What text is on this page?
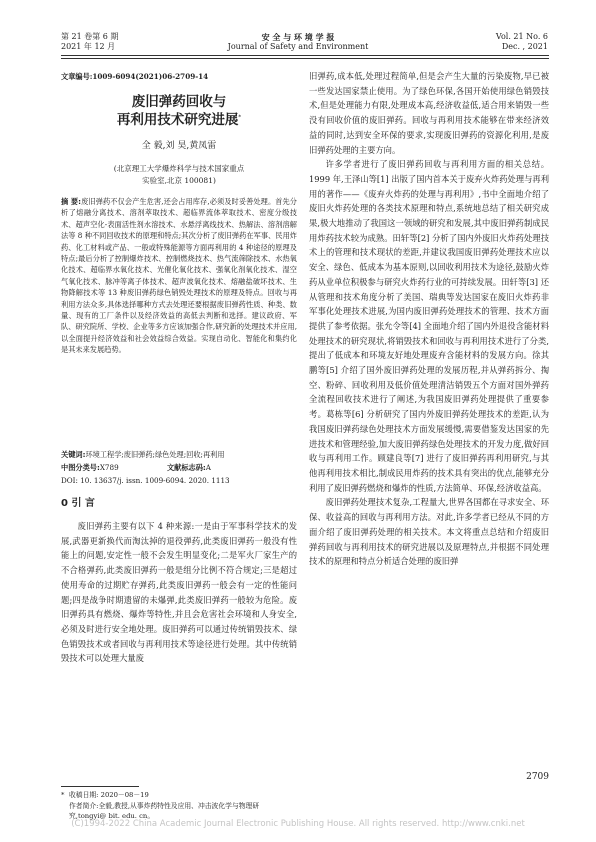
第 21 卷第 6 期
2021 年 12 月
安 全 与 环 境 学 报
Journal of Safety and Environment
Vol. 21 No. 6
Dec. , 2021
文章编号:1009-6094(2021)06-2709-14
废旧弹药回收与
再利用技术研究进展*
全 毅,刘 昊,黄凤雷
(北京理工大学爆炸科学与技术国家重点
实验室,北京 100081)
摘 要:废旧弹药不仅会产生危害,还会占用库存,必须及时妥善处理。首先分析了熔融分离技术、溶剂萃取技术、超临界流体萃取技术、密度分级技术、超声空化-表面活性剂水溶技术、水悬浮离线技术、热解法、溶剂溶解法等 8 种不同回收技术的原理和特点;其次分析了废旧弹药在军事、民用炸药、化工材料或产品、一般或特殊能源等方面再利用的 4 种途径的原理及特点;最后分析了控制爆炸技术、控制燃烧技术、热气流筛除技术、水热氧化技术、超临界水氧化技术、光催化氧化技术、强氧化剂氧化技术、湿空气氧化技术、脉冲等离子体技术、超声波氧化技术、熔融盐破坏技术、生物降解技术等 13 种废旧弹药绿色销毁处理技术的原理及特点。回收与再利用方法众多,具体选择哪种方式去处理还要根据废旧弹药性质、种类、数量、现有的工厂条件以及经济效益的高低去判断和选择。建议政府、军队、研究院所、学校、企业等多方应该加强合作,研究新的处理技术并应用,以全面提升经济效益和社会效益综合效益。实现自动化、智能化和集约化是其未来发展趋势。
关键词:环境工程学;废旧弹药;绿色处理;回收;再利用
中图分类号:X789	文献标志码:A
DOI: 10. 13637/j. issn. 1009-6094. 2020. 1113
0 引 言

废旧弹药主要有以下 4 种来源:一是由于军事科学技术的发展,武器更新换代而淘汰掉的退役弹药,此类废旧弹药一般没有性能上的问题,安定性一般不会发生明显变化;二是军火厂家生产的不合格弹药,此类废旧弹药一般是组分比例不符合规定;三是超过使用寿命的过期贮存弹药,此类废旧弹药一般会有一定的性能问题;四是战争时期遗留的未爆弹,此类废旧弹药一般较为危险。废旧弹药具有燃烧、爆炸等特性,并且会危害社会环境和人身安全,必须及时进行安全地处理。废旧弹药可以通过传统销毁技术、绿色销毁技术或者回收与再利用技术等途径进行处理。其中传统销毁技术可以处理大量废

* 收稿日期: 2020－08－19
作者简介:全毅,教授,从事炸药特性及应用、冲击波化学与物理研究,tongyi@ bit. edu. cn。

旧弹药,成本低,处理过程简单,但是会产生大量的污染废物,早已被一些发达国家禁止使用。为了绿色环保,各国开始使用绿色销毁技术,但是处理能力有限,处理成本高,经济收益低,适合用来销毁一些没有回收价值的废旧弹药。回收与再利用技术能够在带来经济效益的同时,达到安全环保的要求,实现废旧弹药的资源化利用,是废旧弹药处理的主要方向。

许多学者进行了废旧弹药回收与再利用方面的相关总结。1999 年,王泽山等[1] 出版了国内首本关于废弃火炸药处理与再利用的著作——《废弃火炸药的处理与再利用》,书中全面地介绍了废旧火炸药处理的各类技术原理和特点,系统地总结了相关研究成果,极大地推动了我国这一领域的研究和发展,其中废旧弹药制成民用炸药技术较为成熟。田轩等[2] 分析了国内外废旧火炸药处理技术上的管理和技术现状的差距,并建议我国废旧弹药处理技术应以安全、绿色、低成本为基本原则,以回收利用技术为途径,鼓励火炸药从业单位积极参与研究火炸药行业的可持续发展。田轩等[3] 还从管理和技术角度分析了美国、瑞典等发达国家在废旧火炸药非军事化处理技术进展,为国内废旧弹药处理技术的管理、技术方面提供了参考依据。张允令等[4] 全面地介绍了国内外退役含能材料处理技术的研究现状,将销毁技术和回收与再利用技术进行了分类,提出了低成本和环境友好地处理废弃含能材料的发展方向。徐其鹏等[5] 介绍了国外废旧弹药处理的发展历程,并从弹药拆分、掏空、粉碎、回收利用及低价值处理清洁销毁五个方面对国外弹药全流程回收技术进行了阐述,为我国废旧弹药处理提供了重要参考。葛栋等[6] 分析研究了国内外废旧弹药处理技术的差距,认为我国废旧弹药绿色处理技术方面发展缓慢,需要借鉴发达国家的先进技术和管理经验,加大废旧弹药绿色处理技术的开发力度,做好回收与再利用工作。顾建良等[7] 进行了废旧弹药再利用研究,与其他再利用技术相比,制成民用炸药的技术具有突出的优点,能够充分利用了废旧弹药燃烧和爆炸的性质,方法简单、环保,经济收益高。

废旧弹药处理技术复杂,工程量大,世界各国都在寻求安全、环保、收益高的回收与再利用方法。对此,许多学者已经从不同的方面介绍了废旧弹药处理的相关技术。本文将重点总结和介绍废旧弹药回收与再利用技术的研究进展以及原理特点,并根据不同处理技术的原理和特点分析适合处理的废旧弹

2709
(C)1994-2022 China Academic Journal Electronic Publishing House. All rights reserved. http://www.cnki.net
